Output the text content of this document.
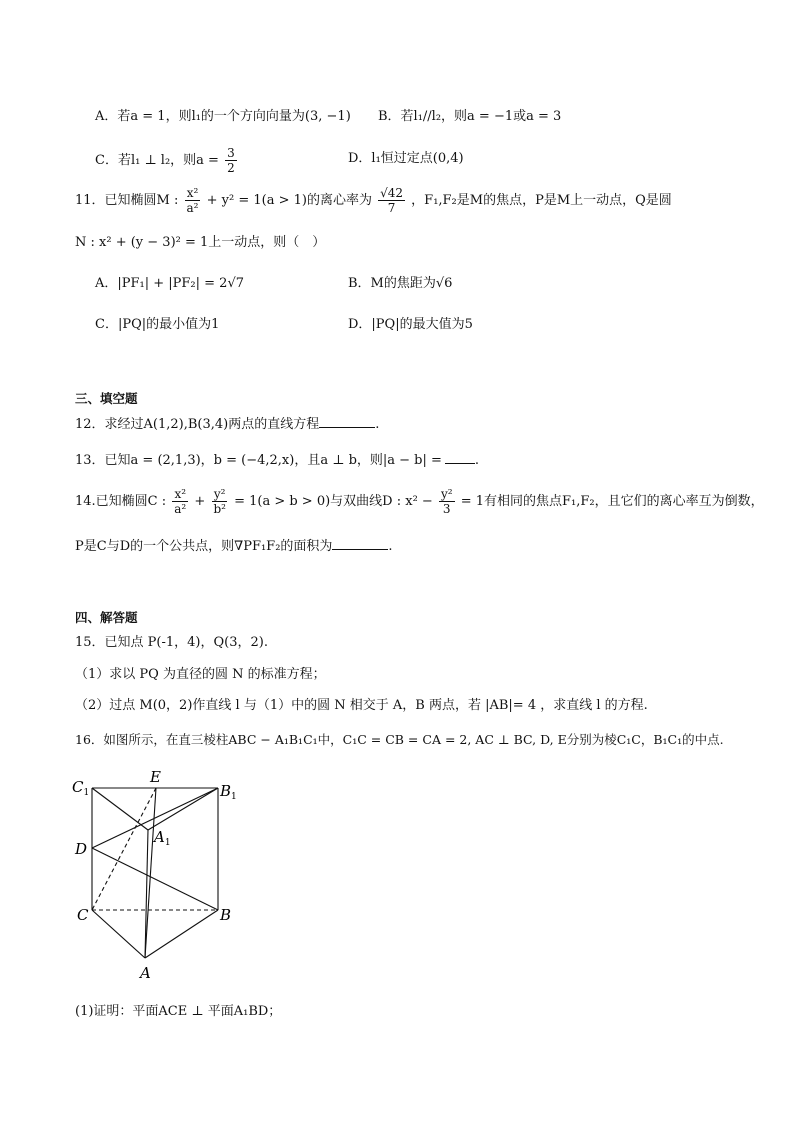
A．若a = 1，则l₁的一个方向向量为(3, −1) B．若l₁//l₂，则a = −1或a = 3
C．若l₁ ⊥ l₂，则$a = \frac{3}{2}$	D．l₁恒过定点(0,4)
11．已知椭圆M : $\frac{\text{x²}}{\text{a²}} + y^2 = 1(a > 1)$的离心率为 $\frac{√42}{7}$ ，F₁,F₂是M的焦点，P是M上一动点，Q是圆
N : x² + (y − 3)² = 1上一动点，则（　）
A．|PF₁| + |PF₂| = 2√7	B．M的焦距为√6
C．|PQ|的最小值为1	D．|PQ|的最大值为5
三、填空题
12．求经过A(1,2),B(3,4)两点的直线方程	.
13．已知a = (2,1,3)，b = (−4,2,x)，且a ⊥ b，则|a − b| =	.
14.已知椭圆C : $\frac{\text{x²}}{\text{a²}} + \frac{\text{y²}}{\text{b²}} = 1(a > b > 0)$与双曲线D : $x^2 - \frac{\text{y²}}{3} = 1$有相同的焦点F₁,F₂，且它们的离心率互为倒数，
P是C与D的一个公共点，则∇PF₁F₂的面积为	.
四、解答题
15．已知点 P(-1，4)，Q(3，2).
（1）求以 PQ 为直径的圆 N 的标准方程；
（2）过点 M(0，2)作直线 l 与（1）中的圆 N 相交于 A，B 两点，若 |AB|= 4 ，求直线 l 的方程.
16．如图所示，在直三棱柱ABC − A₁B₁C₁中，C₁C = CB = CA = 2, AC ⊥ BC, D, E分别为棱C₁C，B₁C₁的中点.
$C_1$
E
$B_1$
$A_1$
D
C	B
A
(1)证明：平面ACE ⊥ 平面A₁BD；
